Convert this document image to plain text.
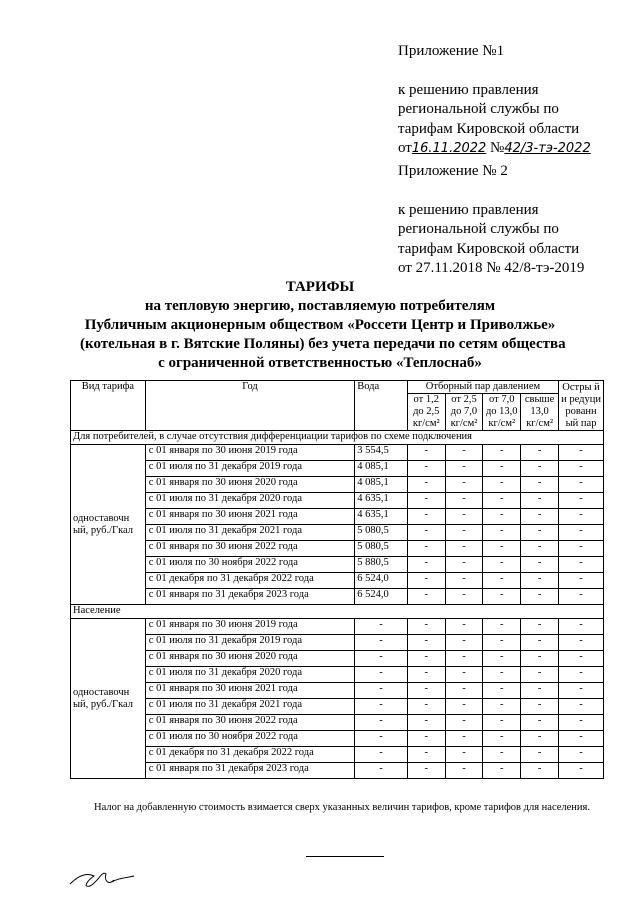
Приложение №1
к решению правления
региональной службы по
тарифам Кировской области
от16.11.2022 №42/3-тэ-2022
Приложение № 2
к решению правления
региональной службы по
тарифам Кировской области
от 27.11.2018 № 42/8-тэ-2019
ТАРИФЫ
на тепловую энергию, поставляемую потребителям
Публичным акционерным обществом «Россети Центр и Приволжье»
(котельная в г. Вятские Поляны) без учета передачи по сетям общества
с ограниченной ответственностью «Теплоснаб»
Вид тарифа	Год	Вода	Отборный пар давлением				Остры й и редуци рованн ый пар
			от 1,2 до 2,5 кг/см²	от 2,5 до 7,0 кг/см²	от 7,0 до 13,0 кг/см²	свыше 13,0 кг/см²	
Для потребителей, в случае отсутствия дифференциации тарифов по схеме подключения							
одноставочн ый, руб./Гкал	с 01 января по 30 июня 2019 года	3 554,5	-	-	-	-	-
	с 01 июля по 31 декабря 2019 года	4 085,1	-	-	-	-	-
	с 01 января по 30 июня 2020 года	4 085,1	-	-	-	-	-
	с 01 июля по 31 декабря 2020 года	4 635,1	-	-	-	-	-
	с 01 января по 30 июня 2021 года	4 635,1	-	-	-	-	-
	с 01 июля по 31 декабря 2021 года	5 080,5	-	-	-	-	-
	с 01 января по 30 июня 2022 года	5 080,5	-	-	-	-	-
	с 01 июля по 30 ноября 2022 года	5 880,5	-	-	-	-	-
	с 01 декабря по 31 декабря 2022 года	6 524,0	-	-	-	-	-
	с 01 января по 31 декабря 2023 года	6 524,0	-	-	-	-	-
Население							
одноставочн ый, руб./Гкал	с 01 января по 30 июня 2019 года	-	-	-	-	-	-
	с 01 июля по 31 декабря 2019 года	-	-	-	-	-	-
	с 01 января по 30 июня 2020 года	-	-	-	-	-	-
	с 01 июля по 31 декабря 2020 года	-	-	-	-	-	-
	с 01 января по 30 июня 2021 года	-	-	-	-	-	-
	с 01 июля по 31 декабря 2021 года	-	-	-	-	-	-
	с 01 января по 30 июня 2022 года	-	-	-	-	-	-
	с 01 июля по 30 ноября 2022 года	-	-	-	-	-	-
	с 01 декабря по 31 декабря 2022 года	-	-	-	-	-	-
	с 01 января по 31 декабря 2023 года	-	-	-	-	-	-
Налог на добавленную стоимость взимается сверх указанных величин тарифов, кроме тарифов для населения.
